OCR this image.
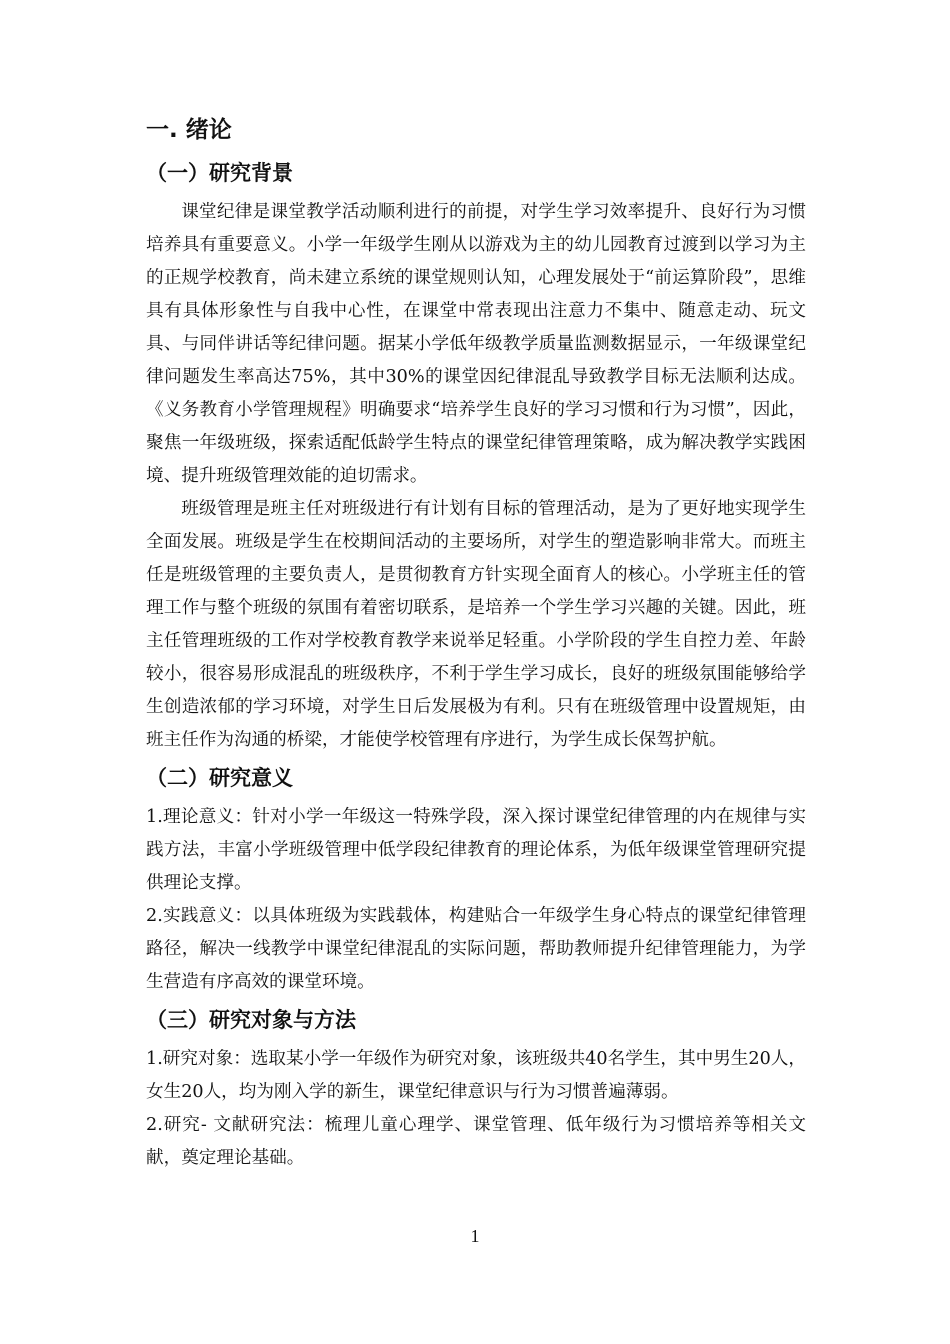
一. 绪论
（一）研究背景

课堂纪律是课堂教学活动顺利进行的前提，对学生学习效率提升、良好行为习惯培养具有重要意义。小学一年级学生刚从以游戏为主的幼儿园教育过渡到以学习为主的正规学校教育，尚未建立系统的课堂规则认知，心理发展处于“前运算阶段”，思维具有具体形象性与自我中心性，在课堂中常表现出注意力不集中、随意走动、玩文具、与同伴讲话等纪律问题。据某小学低年级教学质量监测数据显示，一年级课堂纪律问题发生率高达75%，其中30%的课堂因纪律混乱导致教学目标无法顺利达成。《义务教育小学管理规程》明确要求“培养学生良好的学习习惯和行为习惯”，因此，聚焦一年级班级，探索适配低龄学生特点的课堂纪律管理策略，成为解决教学实践困境、提升班级管理效能的迫切需求。

班级管理是班主任对班级进行有计划有目标的管理活动，是为了更好地实现学生全面发展。班级是学生在校期间活动的主要场所，对学生的塑造影响非常大。而班主任是班级管理的主要负责人，是贯彻教育方针实现全面育人的核心。小学班主任的管理工作与整个班级的氛围有着密切联系，是培养一个学生学习兴趣的关键。因此，班主任管理班级的工作对学校教育教学来说举足轻重。小学阶段的学生自控力差、年龄较小，很容易形成混乱的班级秩序，不利于学生学习成长，良好的班级氛围能够给学生创造浓郁的学习环境，对学生日后发展极为有利。只有在班级管理中设置规矩，由班主任作为沟通的桥梁，才能使学校管理有序进行，为学生成长保驾护航。

（二）研究意义

1.理论意义：针对小学一年级这一特殊学段，深入探讨课堂纪律管理的内在规律与实践方法，丰富小学班级管理中低学段纪律教育的理论体系，为低年级课堂管理研究提供理论支撑。

2.实践意义：以具体班级为实践载体，构建贴合一年级学生身心特点的课堂纪律管理路径，解决一线教学中课堂纪律混乱的实际问题，帮助教师提升纪律管理能力，为学生营造有序高效的课堂环境。

（三）研究对象与方法

1.研究对象：选取某小学一年级作为研究对象，该班级共40名学生，其中男生20人，女生20人，均为刚入学的新生，课堂纪律意识与行为习惯普遍薄弱。

2.研究- 文献研究法：梳理儿童心理学、课堂管理、低年级行为习惯培养等相关文献，奠定理论基础。

1
